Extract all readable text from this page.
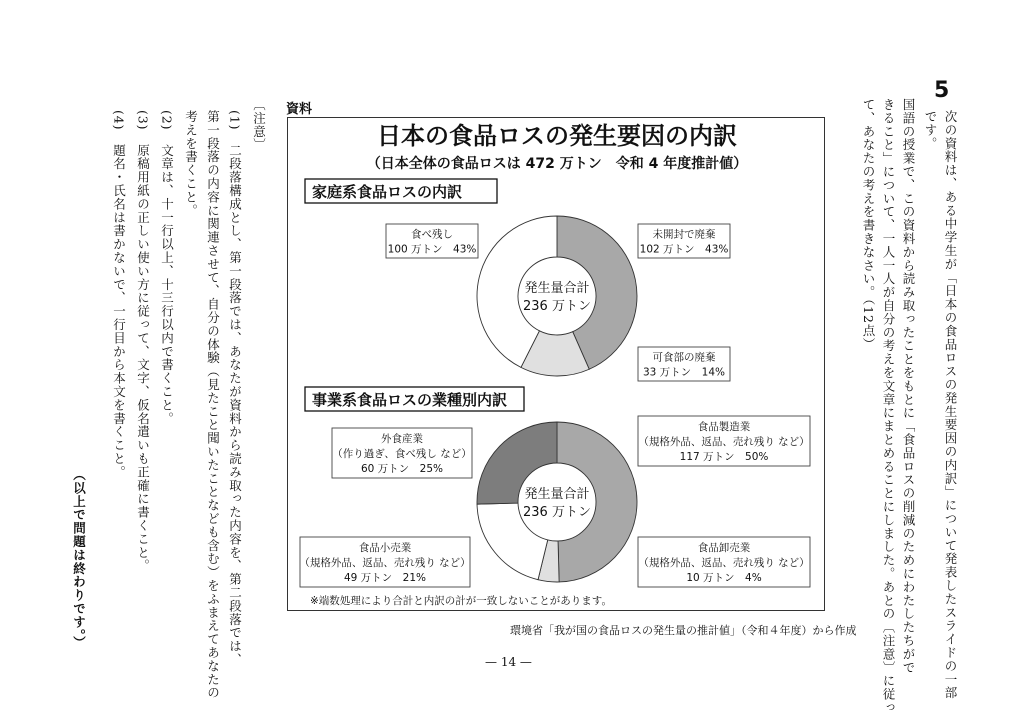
5
次の資料は、ある中学生が「日本の食品ロスの発生要因の内訳」について発表したスライドの一部
です。
国語の授業で、この資料から読み取ったことをもとに「食品ロスの削減のためにわたしたちがで
きること」について、一人一人が自分の考えを文章にまとめることにしました。あとの〔注意〕に従っ
て、あなたの考えを書きなさい。（12点）
資料
日本の食品ロスの発生要因の内訳
（日本全体の食品ロスは 472 万トン　令和 4 年度推計値）
家庭系食品ロスの内訳
事業系食品ロスの業種別内訳
発生量合計
236 万トン
未開封で廃棄
102 万トン　43%
可食部の廃棄
33 万トン　14%
食べ残し
100 万トン　43%
発生量合計
236 万トン
食品製造業
（規格外品、返品、売れ残り など）
117 万トン　50%
食品卸売業
（規格外品、返品、売れ残り など）
10 万トン　4%
食品小売業
（規格外品、返品、売れ残り など）
49 万トン　21%
外食産業
（作り過ぎ、食べ残し など）
60 万トン　25%
※端数処理により合計と内訳の計が一致しないことがあります。
環境省「我が国の食品ロスの発生量の推計値」（令和４年度）から作成
— 14 —
〔注意〕
(1)　二段落構成とし、第一段落では、あなたが資料から読み取った内容を、第二段落では、
第一段落の内容に関連させて、自分の体験（見たこと聞いたことなども含む）をふまえてあなたの
考えを書くこと。
(2)　文章は、十一行以上、十三行以内で書くこと。
(3)　原稿用紙の正しい使い方に従って、文字、仮名遣いも正確に書くこと。
(4)　題名・氏名は書かないで、一行目から本文を書くこと。
（以上で問題は終わりです。）
